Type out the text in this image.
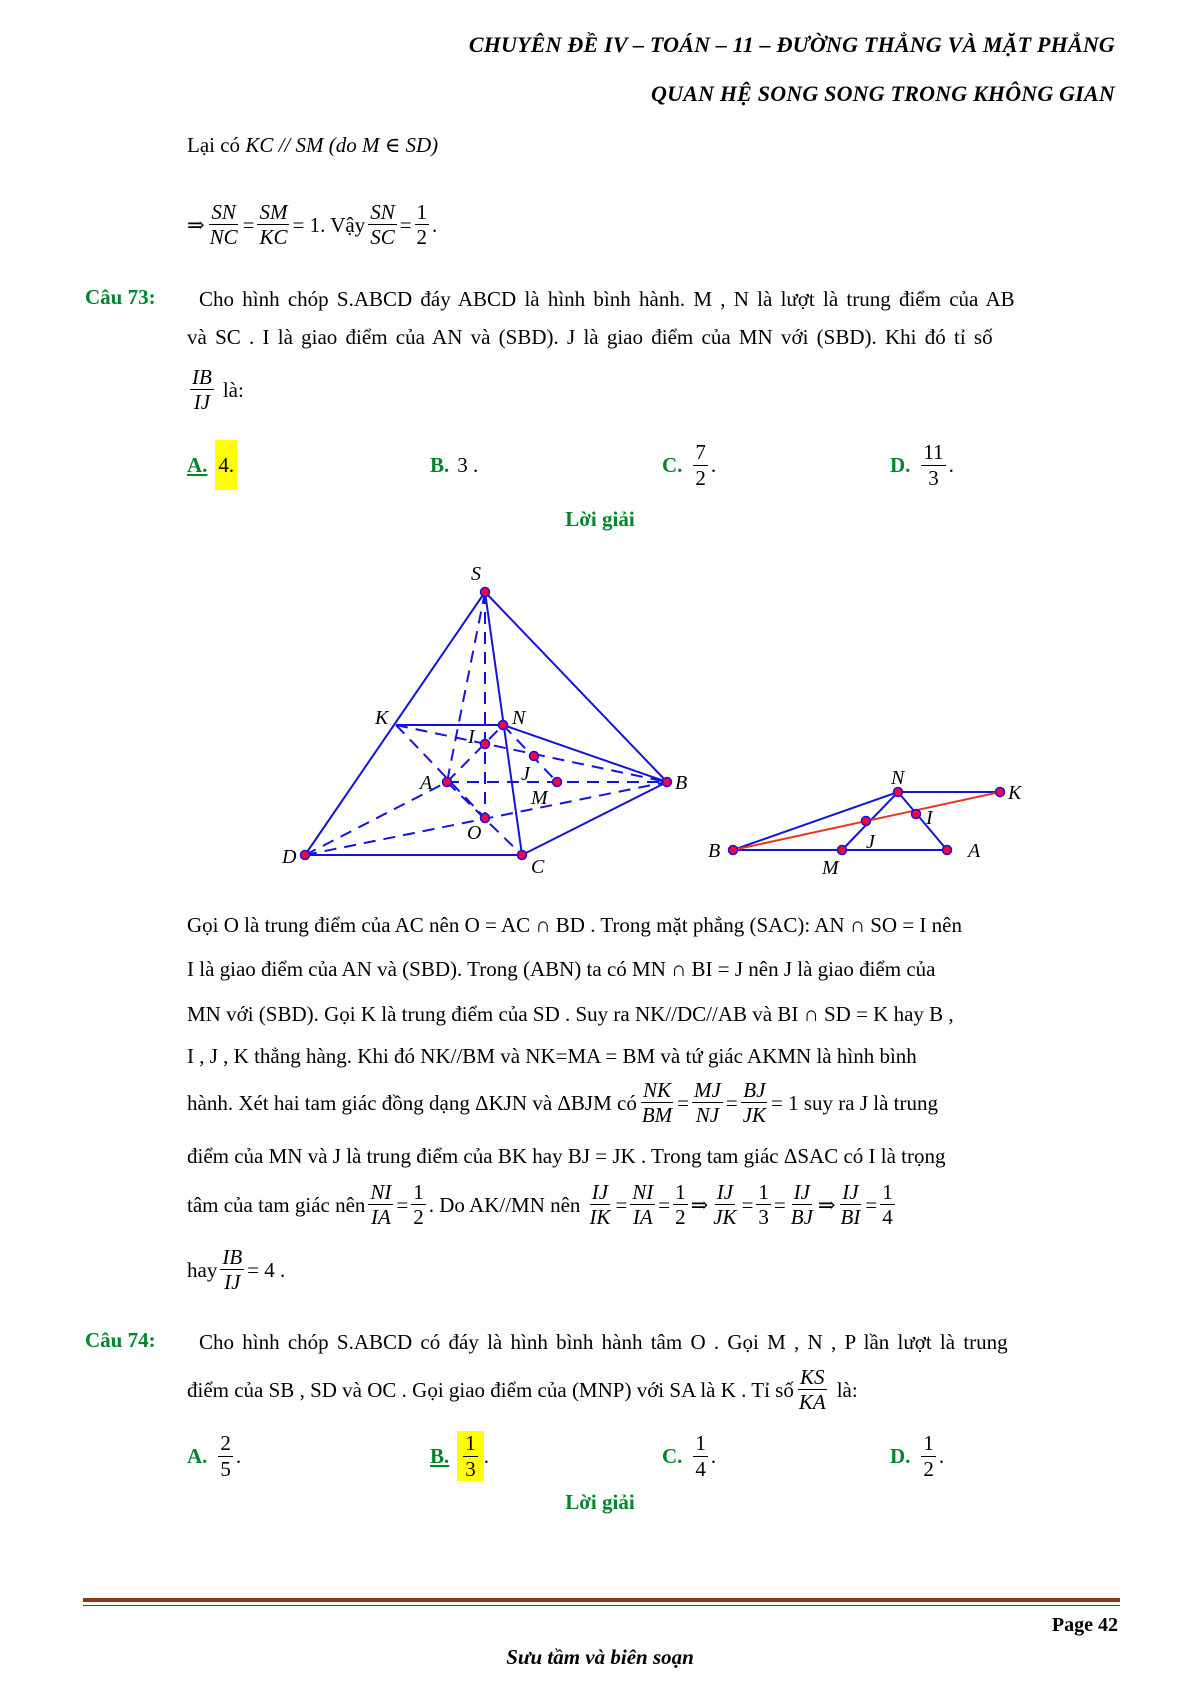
CHUYÊN ĐỀ IV – TOÁN – 11 – ĐƯỜNG THẲNG VÀ MẶT PHẲNG
QUAN HỆ SONG SONG TRONG KHÔNG GIAN
Lại có KC // SM (do M ∈ SD)
⇒ $\frac{SN}{NC} = \frac{SM}{KC} = 1$. Vậy $\frac{SN}{SC} = \frac{1}{2}$ .
Câu 73: Cho hình chóp S.ABCD đáy ABCD là hình bình hành. M , N là lượt là trung điểm của AB
và SC . I là giao điểm của AN và (SBD). J là giao điểm của MN với (SBD). Khi đó tỉ số
$\frac{IB}{IJ}$ là:
A. 4.	B. 3 .	C. $\frac{7}{2}$ .	D. $\frac{11}{3}$ .
Lời giải
S
K	N
I
J
A
M
B
O
D	C
N
K
I
J
B
M
A
Gọi O là trung điểm của AC nên O = AC ∩ BD . Trong mặt phẳng (SAC): AN ∩ SO = I nên
I là giao điểm của AN và (SBD). Trong (ABN) ta có MN ∩ BI = J nên J là giao điểm của
MN với (SBD). Gọi K là trung điểm của SD . Suy ra NK//DC//AB và BI ∩ SD = K hay B ,
I , J , K thẳng hàng. Khi đó NK//BM và NK=MA = BM và tứ giác AKMN là hình bình
hành. Xét hai tam giác đồng dạng ΔKJN và ΔBJM có $\frac{NK}{BM} = \frac{MJ}{NJ} = \frac{BJ}{JK} = 1$ suy ra J là trung
điểm của MN và J là trung điểm của BK hay BJ = JK . Trong tam giác ΔSAC có I là trọng
tâm của tam giác nên $\frac{NI}{IA} = \frac{1}{2}$ . Do AK//MN nên $\frac{IJ}{IK} = \frac{NI}{IA} = \frac{1}{2}$ ⇒ $\frac{IJ}{JK} = \frac{1}{3} = \frac{IJ}{BJ}$ ⇒ $\frac{IJ}{BI} = \frac{1}{4}$
hay $\frac{IB}{IJ} = 4$ .
Câu 74: Cho hình chóp S.ABCD có đáy là hình bình hành tâm O . Gọi M , N , P lần lượt là trung
điểm của SB , SD và OC . Gọi giao điểm của (MNP) với SA là K . Tỉ số $\frac{KS}{KA}$ là:
A. $\frac{2}{5}$ .	B. $\frac{1}{3}$ .	C. $\frac{1}{4}$ .	D. $\frac{1}{2}$ .
Lời giải
Page 42
Sưu tầm và biên soạn
